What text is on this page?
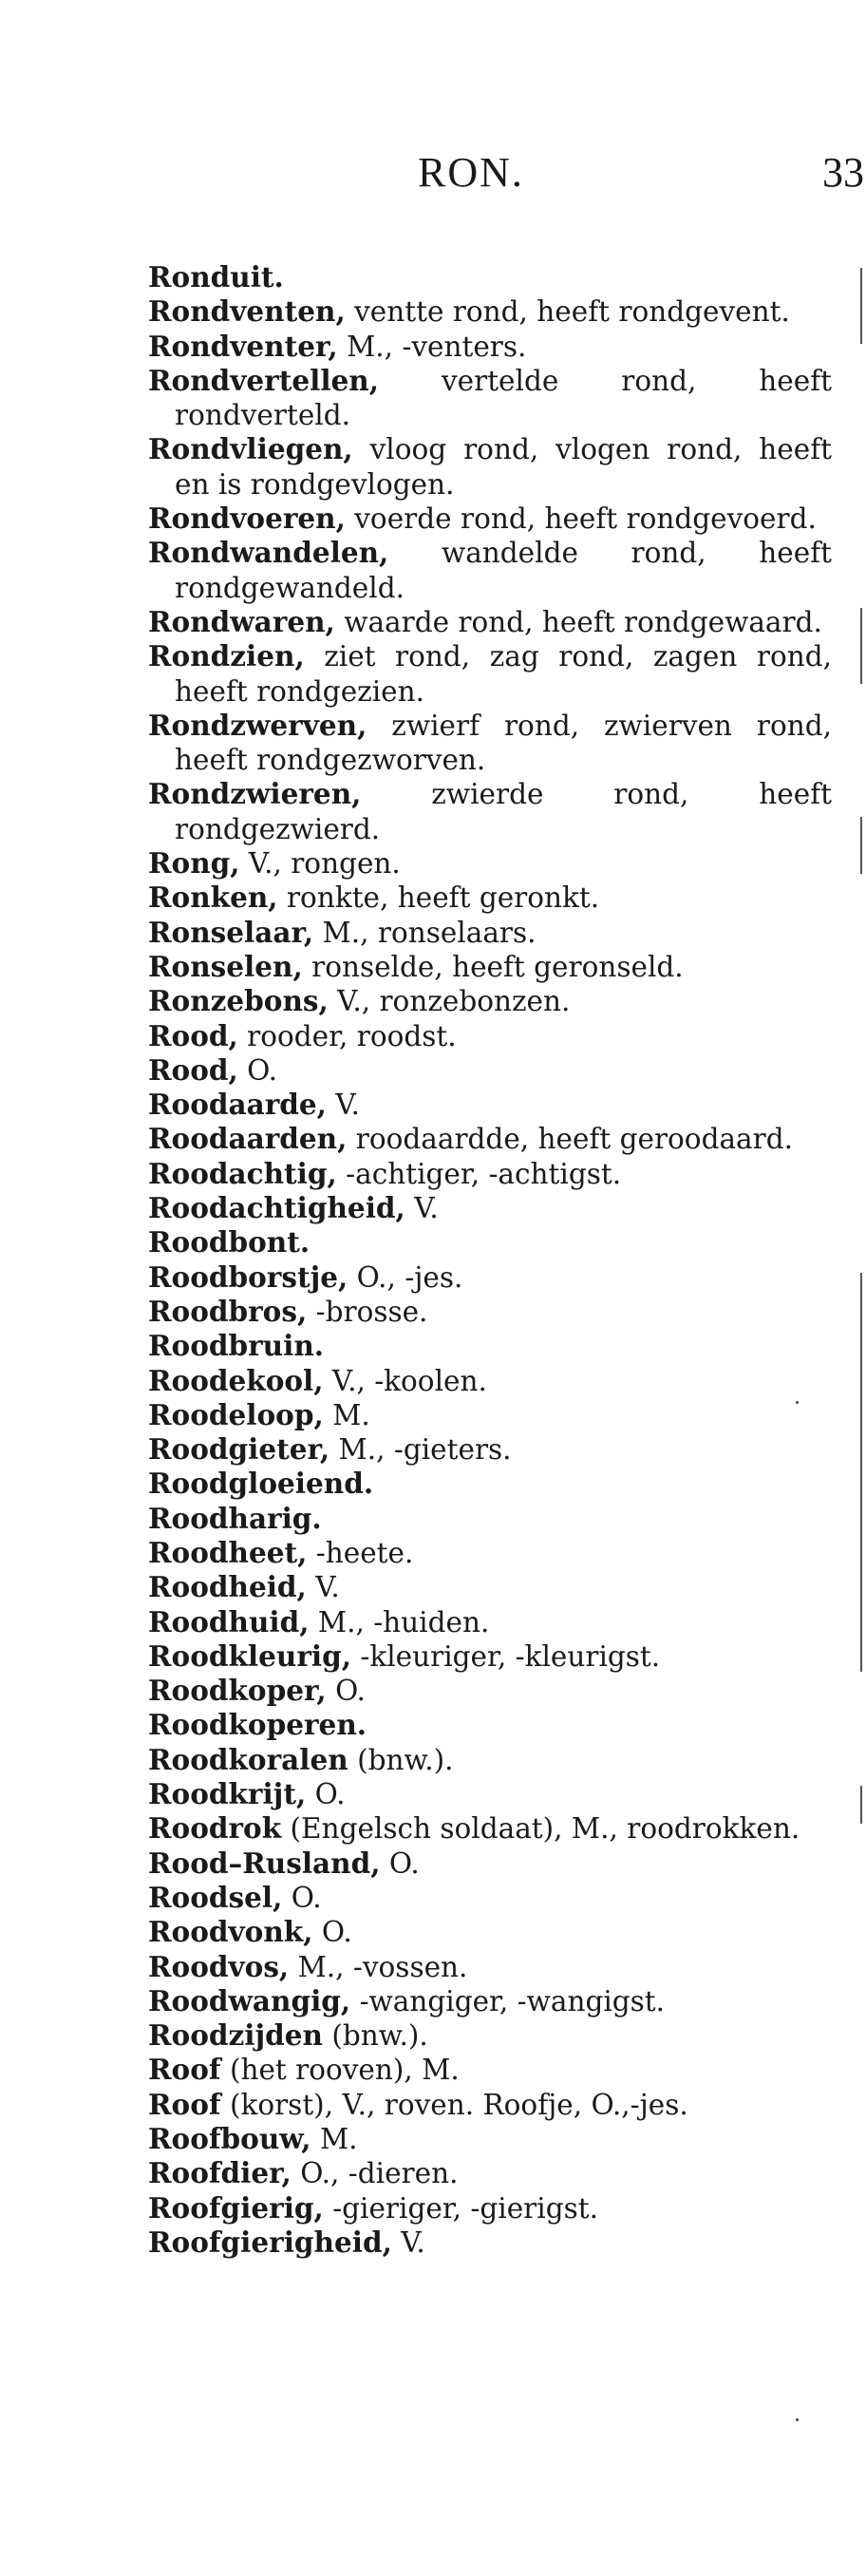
RON.	33
Ronduit.
Rondventen, ventte rond, heeft rondgevent.
Rondventer, M., -venters.
Rondvertellen, vertelde rond, heeft rondverteld.
Rondvliegen, vloog rond, vlogen rond, heeft en is rondgevlogen.
Rondvoeren, voerde rond, heeft rondgevoerd.
Rondwandelen, wandelde rond, heeft rondgewandeld.
Rondwaren, waarde rond, heeft rondgewaard.
Rondzien, ziet rond, zag rond, zagen rond, heeft rondgezien.
Rondzwerven, zwierf rond, zwierven rond, heeft rondgezworven.
Rondzwieren, zwierde rond, heeft rondgezwierd.
Rong, V., rongen.
Ronken, ronkte, heeft geronkt.
Ronselaar, M., ronselaars.
Ronselen, ronselde, heeft geronseld.
Ronzebons, V., ronzebonzen.
Rood, rooder, roodst.
Rood, O.
Roodaarde, V.
Roodaarden, roodaardde, heeft geroodaard.
Roodachtig, -achtiger, -achtigst.
Roodachtigheid, V.
Roodbont.
Roodborstje, O., -jes.
Roodbros, -brosse.
Roodbruin.
Roodekool, V., -koolen.
Roodeloop, M.
Roodgieter, M., -gieters.
Roodgloeiend.
Roodharig.
Roodheet, -heete.
Roodheid, V.
Roodhuid, M., -huiden.
Roodkleurig, -kleuriger, -kleurigst.
Roodkoper, O.
Roodkoperen.
Roodkoralen (bnw.).
Roodkrijt, O.
Roodrok (Engelsch soldaat), M., roodrokken.
Rood–Rusland, O.
Roodsel, O.
Roodvonk, O.
Roodvos, M., -vossen.
Roodwangig, -wangiger, -wangigst.
Roodzijden (bnw.).
Roof (het rooven), M.
Roof (korst), V., roven. Roofje, O.,-jes.
Roofbouw, M.
Roofdier, O., -dieren.
Roofgierig, -gieriger, -gierigst.
Roofgierigheid, V.
